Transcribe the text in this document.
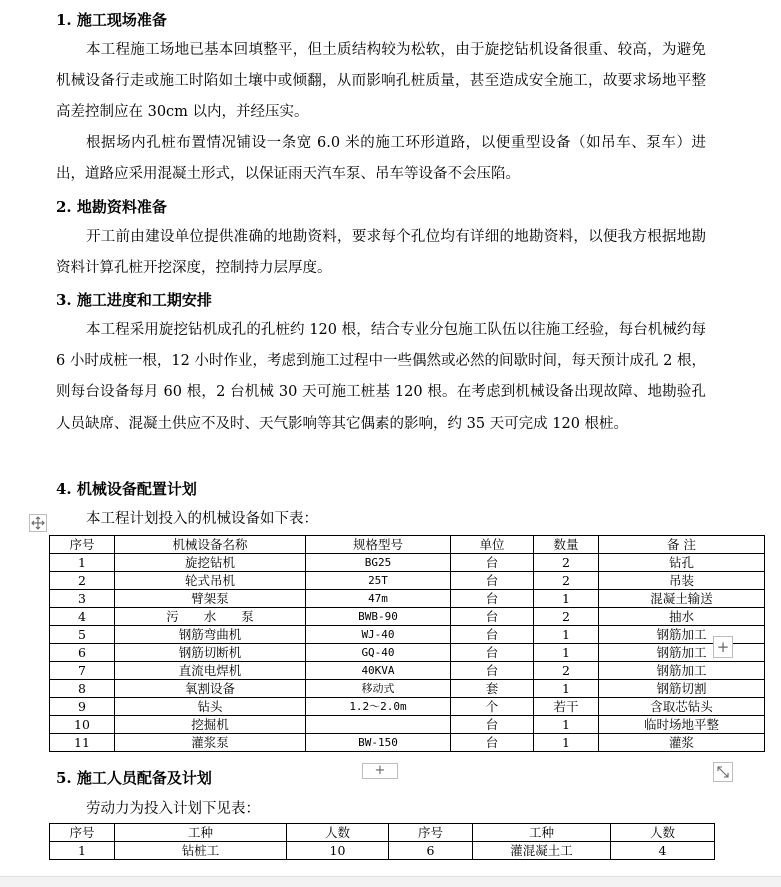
1. 施工现场准备
本工程施工场地已基本回填整平，但土质结构较为松软，由于旋挖钻机设备很重、较高，为避免机械设备行走或施工时陷如土壤中或倾翻，从而影响孔桩质量，甚至造成安全施工，故要求场地平整高差控制应在 30cm 以内，并经压实。
根据场内孔桩布置情况铺设一条宽 6.0 米的施工环形道路，以便重型设备（如吊车、泵车）进出，道路应采用混凝土形式，以保证雨天汽车泵、吊车等设备不会压陷。
2. 地勘资料准备
开工前由建设单位提供准确的地勘资料，要求每个孔位均有详细的地勘资料，以便我方根据地勘资料计算孔桩开挖深度，控制持力层厚度。
3. 施工进度和工期安排
本工程采用旋挖钻机成孔的孔桩约 120 根，结合专业分包施工队伍以往施工经验，每台机械约每 6 小时成桩一根，12 小时作业，考虑到施工过程中一些偶然或必然的间歇时间，每天预计成孔 2 根，则每台设备每月 60 根，2 台机械 30 天可施工桩基 120 根。在考虑到机械设备出现故障、地勘验孔人员缺席、混凝土供应不及时、天气影响等其它偶素的影响，约 35 天可完成 120 根桩。
4. 机械设备配置计划
本工程计划投入的机械设备如下表：
序号	机械设备名称	规格型号	单位	数量	备 注
1	旋挖钻机	BG25	台	2	钻孔
2	轮式吊机	25T	台	2	吊装
3	臂架泵	47m	台	1	混凝土输送
4	污　　水　　泵	BWB-90	台	2	抽水
5	钢筋弯曲机	WJ-40	台	1	钢筋加工
6	钢筋切断机	GQ-40	台	1	钢筋加工
7	直流电焊机	40KVA	台	2	钢筋加工
8	氧割设备	移动式	套	1	钢筋切割
9	钻头	1.2～2.0m	个	若干	含取芯钻头
10	挖掘机		台	1	临时场地平整
11	灌浆泵	BW-150	台	1	灌浆
+
+
5. 施工人员配备及计划
劳动力为投入计划下见表：
序号	工种	人数	序号	工种	人数
1	钻桩工	10	6	灌混凝土工	4
